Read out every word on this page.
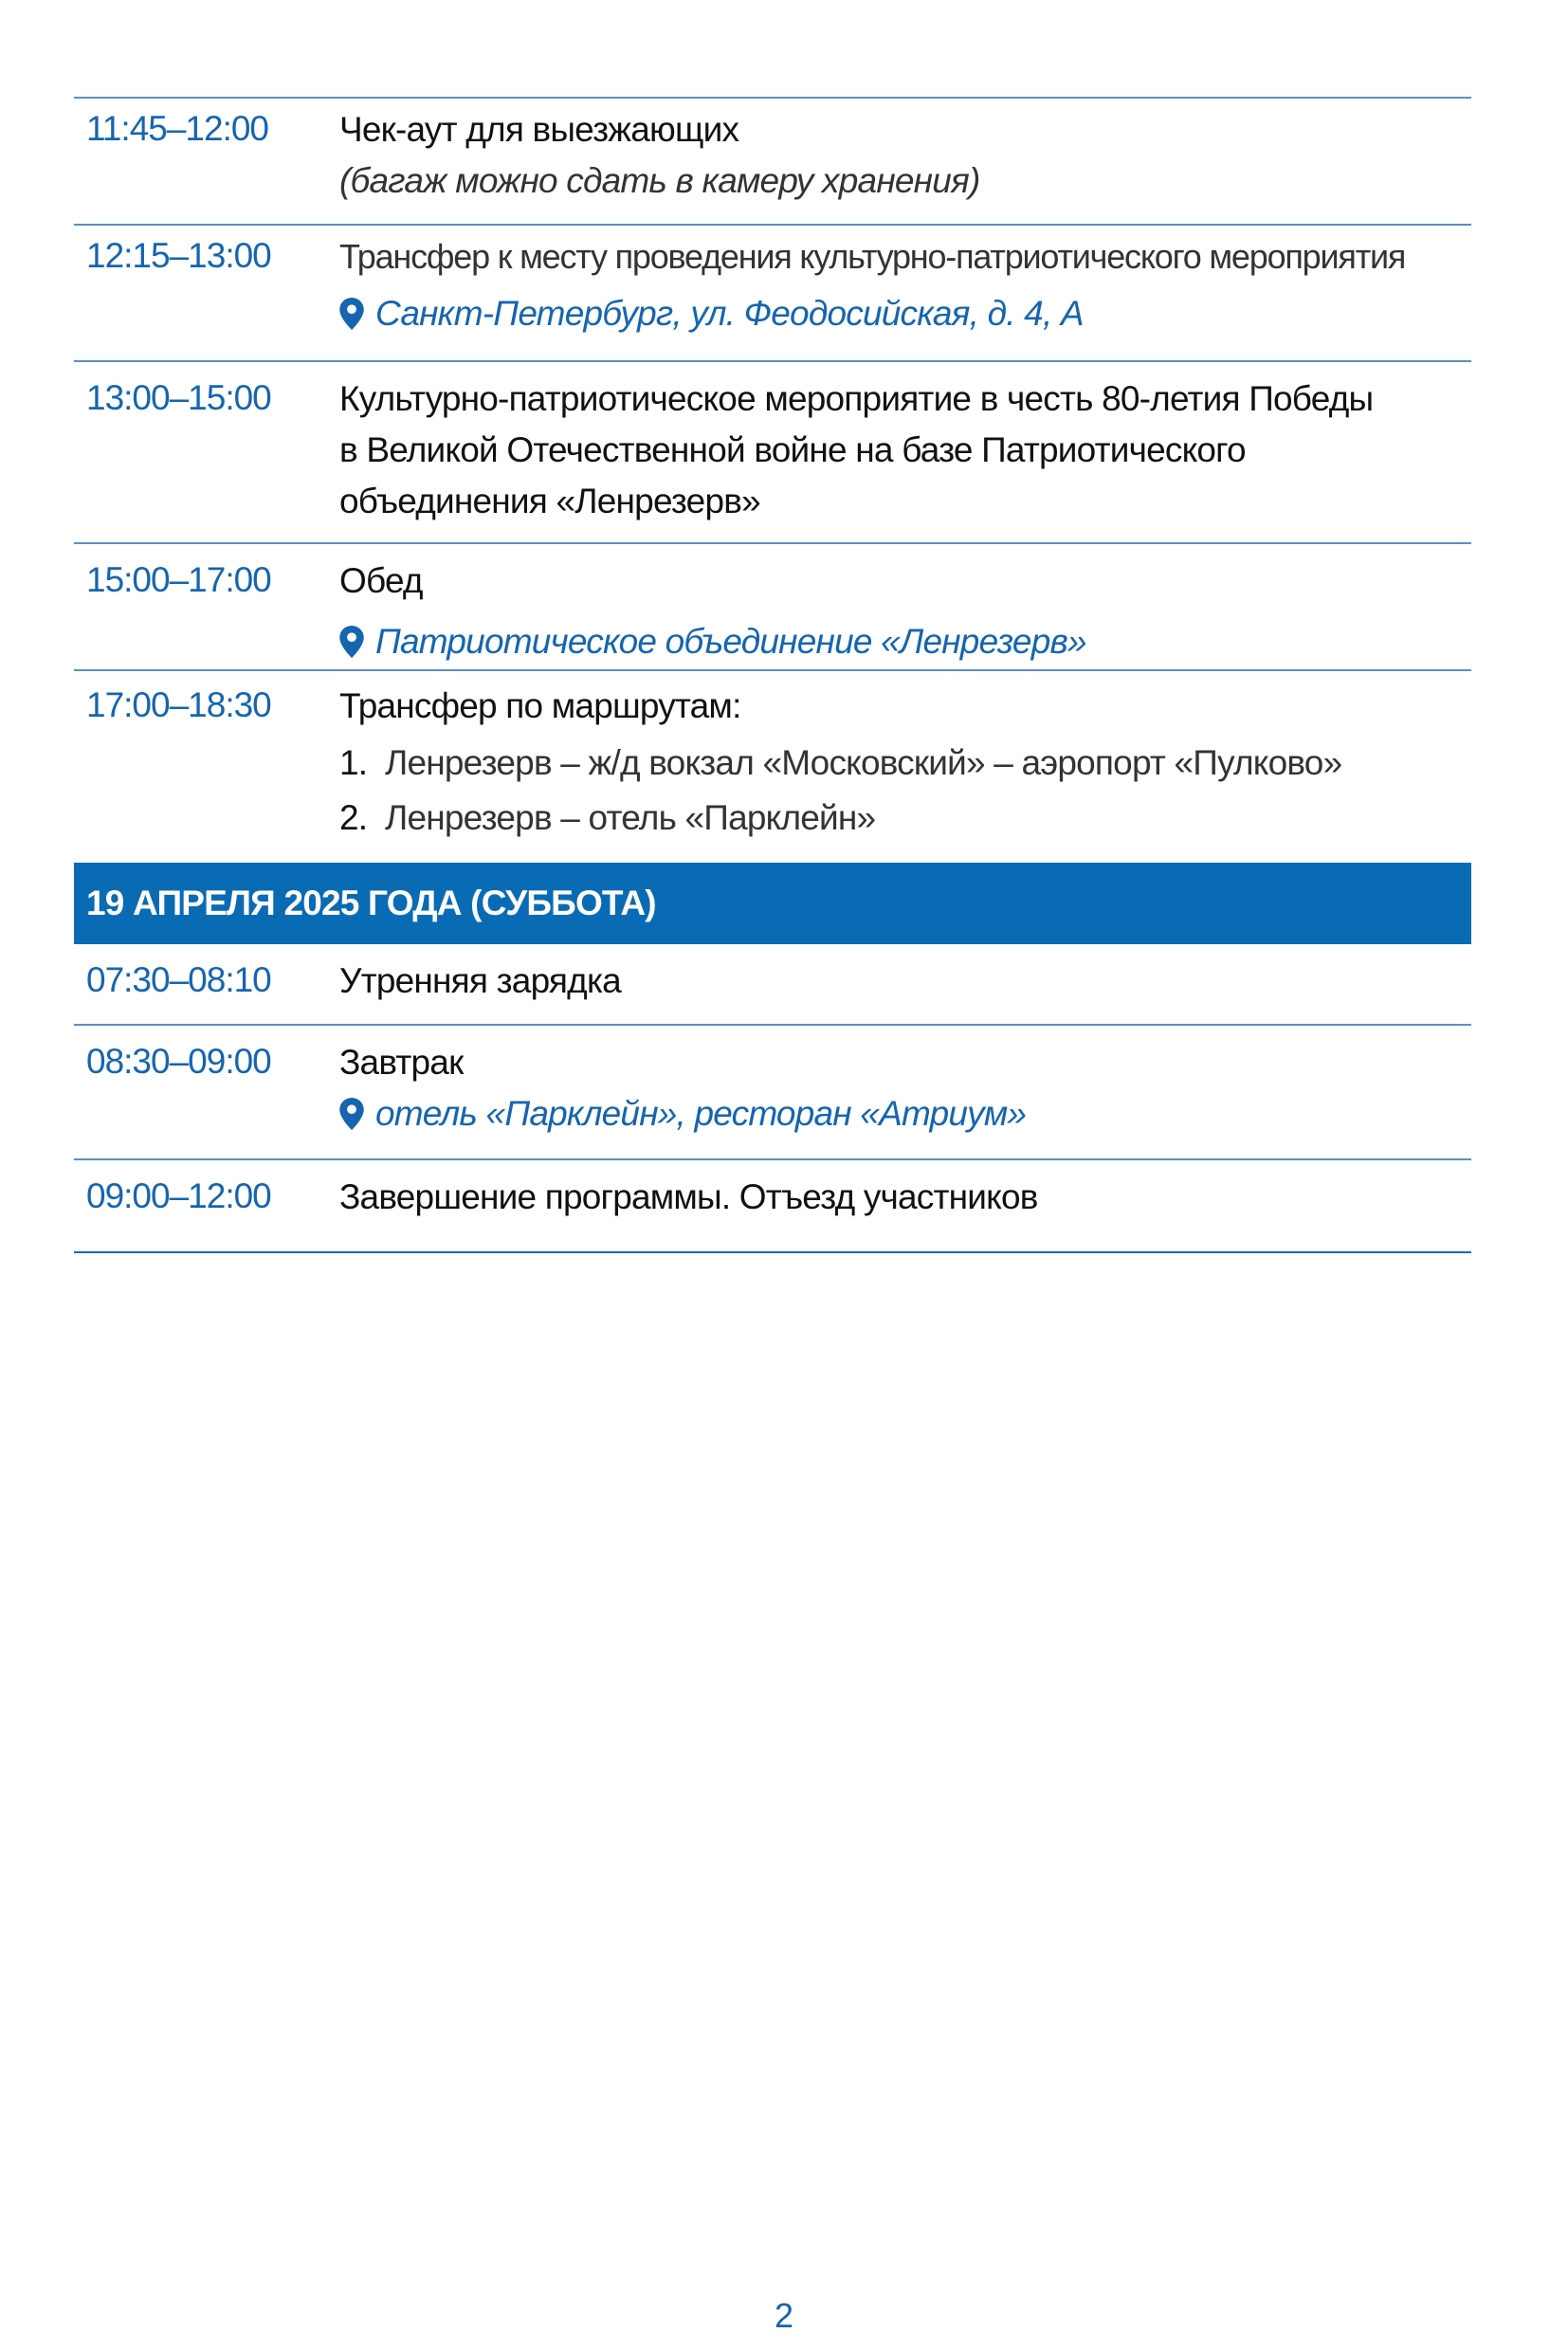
11:45–12:00	Чек-аут для выезжающих
(багаж можно сдать в камеру хранения)
12:15–13:00	Трансфер к месту проведения культурно-патриотического мероприятия
Санкт-Петербург, ул. Феодосийская, д. 4, А
13:00–15:00	Культурно-патриотическое мероприятие в честь 80-летия Победы
в Великой Отечественной войне на базе Патриотического
объединения «Ленрезерв»
15:00–17:00	Обед
Патриотическое объединение «Ленрезерв»
17:00–18:30	Трансфер по маршрутам:
1. Ленрезерв – ж/д вокзал «Московский» – аэропорт «Пулково»
2. Ленрезерв – отель «Парклейн»
19 АПРЕЛЯ 2025 ГОДА (СУББОТА)
07:30–08:10	Утренняя зарядка
08:30–09:00	Завтрак
отель «Парклейн», ресторан «Атриум»
09:00–12:00	Завершение программы. Отъезд участников
2
